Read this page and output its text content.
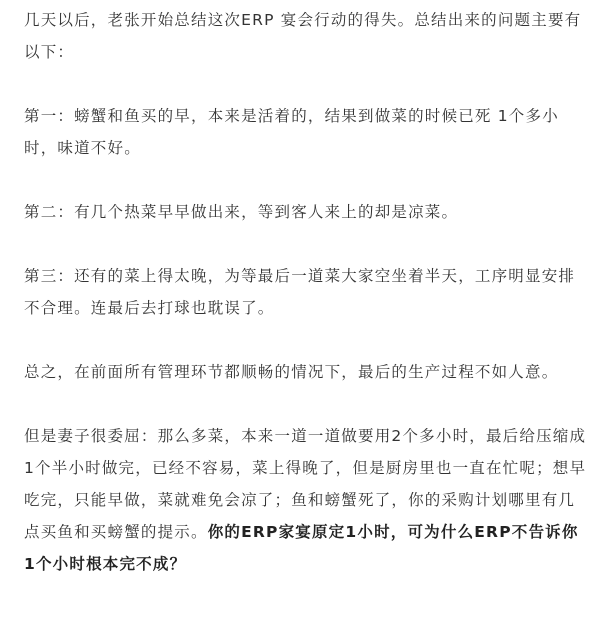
几天以后，老张开始总结这次ERP 宴会行动的得失。总结出来的问题主要有以下：

第一：螃蟹和鱼买的早，本来是活着的，结果到做菜的时候已死 1个多小时，味道不好。

第二：有几个热菜早早做出来，等到客人来上的却是凉菜。

第三：还有的菜上得太晚，为等最后一道菜大家空坐着半天，工序明显安排不合理。连最后去打球也耽误了。

总之，在前面所有管理环节都顺畅的情况下，最后的生产过程不如人意。

但是妻子很委屈：那么多菜，本来一道一道做要用2个多小时，最后给压缩成1个半小时做完，已经不容易，菜上得晚了，但是厨房里也一直在忙呢；想早吃完，只能早做，菜就难免会凉了；鱼和螃蟹死了，你的采购计划哪里有几点买鱼和买螃蟹的提示。你的ERP家宴原定1小时，可为什么ERP不告诉你1个小时根本完不成？
